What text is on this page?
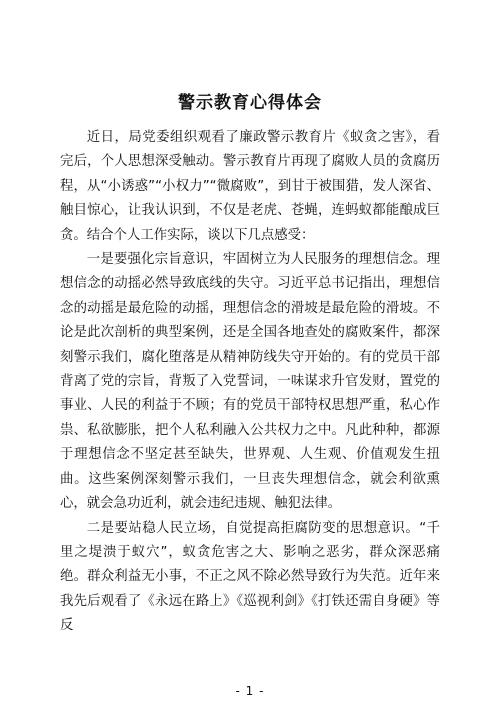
警示教育心得体会

近日，局党委组织观看了廉政警示教育片《蚁贪之害》，看完后，个人思想深受触动。警示教育片再现了腐败人员的贪腐历程，从“小诱惑”“小权力”“微腐败”，到甘于被围猎，发人深省、触目惊心，让我认识到，不仅是老虎、苍蝇，连蚂蚁都能酿成巨贪。结合个人工作实际，谈以下几点感受：

一是要强化宗旨意识，牢固树立为人民服务的理想信念。理想信念的动摇必然导致底线的失守。习近平总书记指出，理想信念的动摇是最危险的动摇，理想信念的滑坡是最危险的滑坡。不论是此次剖析的典型案例，还是全国各地查处的腐败案件，都深刻警示我们，腐化堕落是从精神防线失守开始的。有的党员干部背离了党的宗旨，背叛了入党誓词，一味谋求升官发财，置党的事业、人民的利益于不顾；有的党员干部特权思想严重，私心作祟、私欲膨胀，把个人私利融入公共权力之中。凡此种种，都源于理想信念不坚定甚至缺失，世界观、人生观、价值观发生扭曲。这些案例深刻警示我们，一旦丧失理想信念，就会利欲熏心，就会急功近利，就会违纪违规、触犯法律。

二是要站稳人民立场，自觉提高拒腐防变的思想意识。“千里之堤溃于蚁穴”，蚁贪危害之大、影响之恶劣，群众深恶痛绝。群众利益无小事，不正之风不除必然导致行为失范。近年来我先后观看了《永远在路上》《巡视利剑》《打铁还需自身硬》等反

- 1 -
